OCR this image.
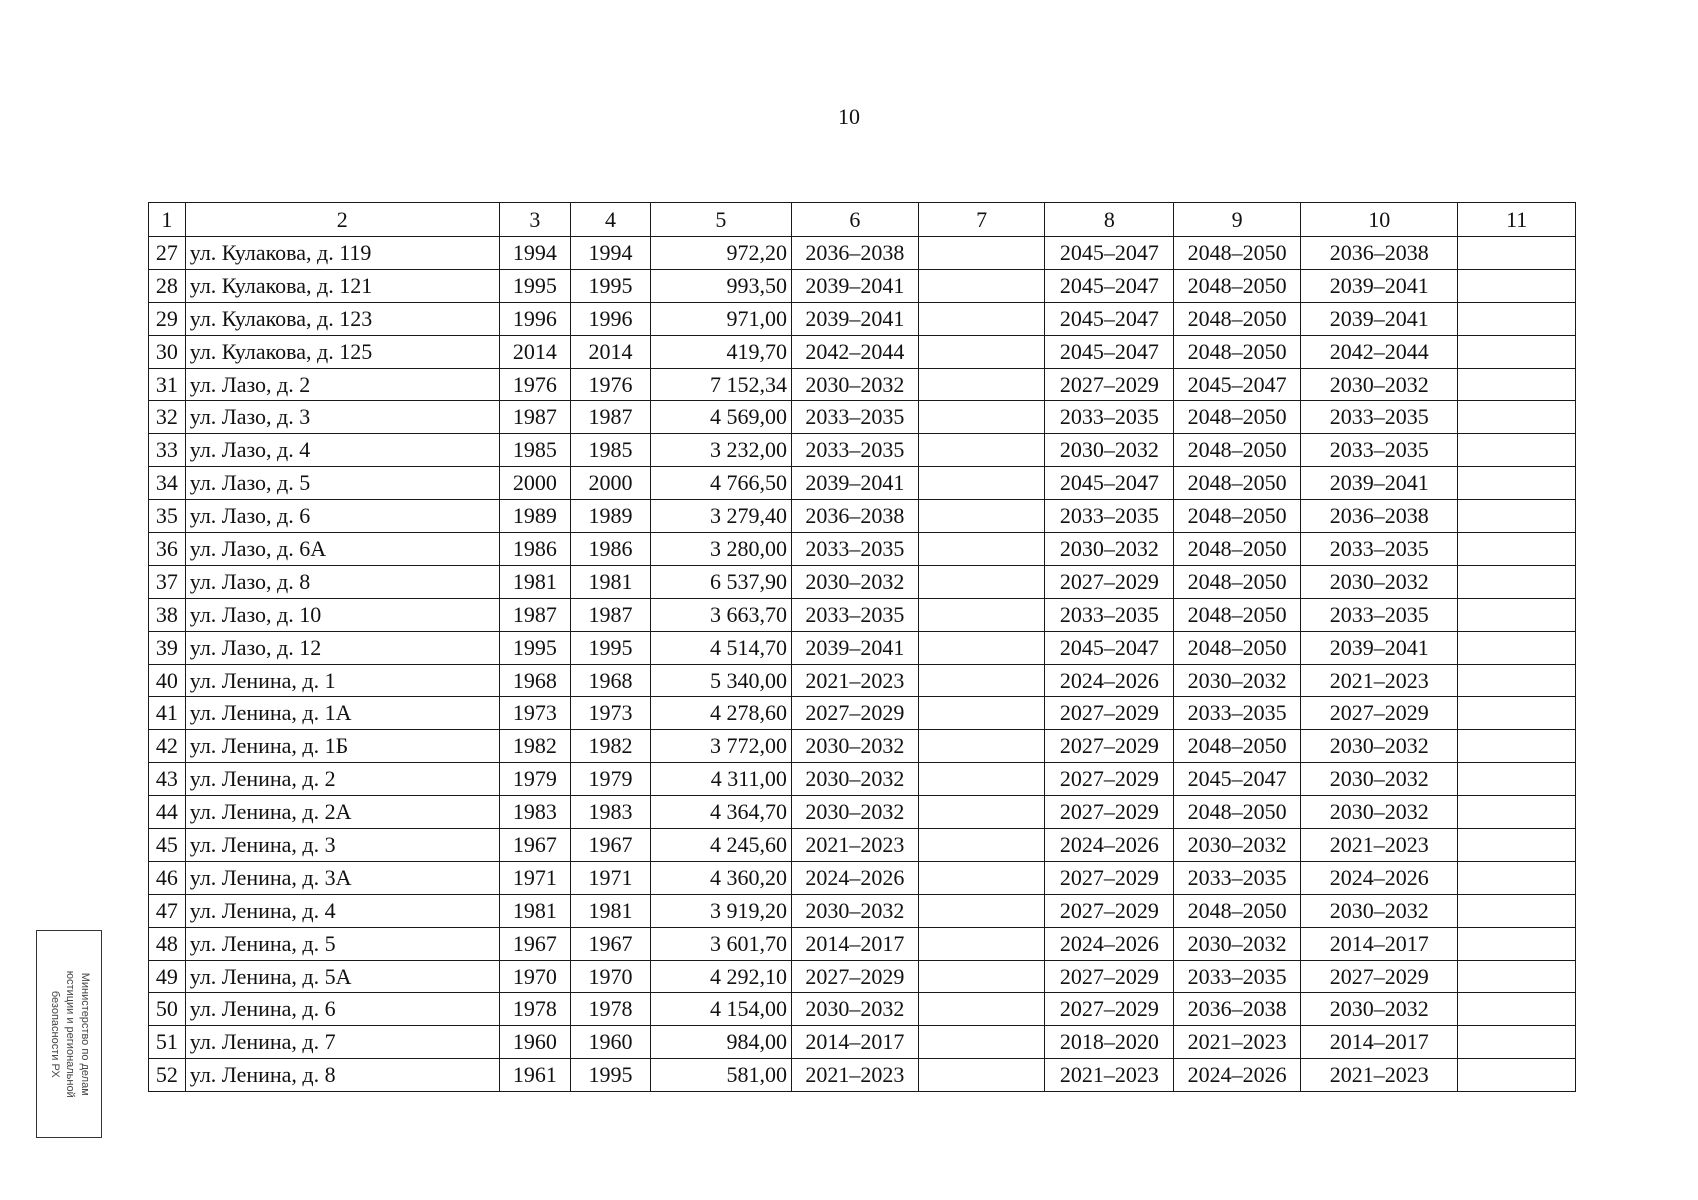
10
1	2	3	4	5	6	7	8	9	10	11
27	ул. Кулакова, д. 119	1994	1994	972,20	2036–2038		2045–2047	2048–2050	2036–2038	
28	ул. Кулакова, д. 121	1995	1995	993,50	2039–2041		2045–2047	2048–2050	2039–2041	
29	ул. Кулакова, д. 123	1996	1996	971,00	2039–2041		2045–2047	2048–2050	2039–2041	
30	ул. Кулакова, д. 125	2014	2014	419,70	2042–2044		2045–2047	2048–2050	2042–2044	
31	ул. Лазо, д. 2	1976	1976	7 152,34	2030–2032		2027–2029	2045–2047	2030–2032	
32	ул. Лазо, д. 3	1987	1987	4 569,00	2033–2035		2033–2035	2048–2050	2033–2035	
33	ул. Лазо, д. 4	1985	1985	3 232,00	2033–2035		2030–2032	2048–2050	2033–2035	
34	ул. Лазо, д. 5	2000	2000	4 766,50	2039–2041		2045–2047	2048–2050	2039–2041	
35	ул. Лазо, д. 6	1989	1989	3 279,40	2036–2038		2033–2035	2048–2050	2036–2038	
36	ул. Лазо, д. 6А	1986	1986	3 280,00	2033–2035		2030–2032	2048–2050	2033–2035	
37	ул. Лазо, д. 8	1981	1981	6 537,90	2030–2032		2027–2029	2048–2050	2030–2032	
38	ул. Лазо, д. 10	1987	1987	3 663,70	2033–2035		2033–2035	2048–2050	2033–2035	
39	ул. Лазо, д. 12	1995	1995	4 514,70	2039–2041		2045–2047	2048–2050	2039–2041	
40	ул. Ленина, д. 1	1968	1968	5 340,00	2021–2023		2024–2026	2030–2032	2021–2023	
41	ул. Ленина, д. 1А	1973	1973	4 278,60	2027–2029		2027–2029	2033–2035	2027–2029	
42	ул. Ленина, д. 1Б	1982	1982	3 772,00	2030–2032		2027–2029	2048–2050	2030–2032	
43	ул. Ленина, д. 2	1979	1979	4 311,00	2030–2032		2027–2029	2045–2047	2030–2032	
44	ул. Ленина, д. 2А	1983	1983	4 364,70	2030–2032		2027–2029	2048–2050	2030–2032	
45	ул. Ленина, д. 3	1967	1967	4 245,60	2021–2023		2024–2026	2030–2032	2021–2023	
46	ул. Ленина, д. 3А	1971	1971	4 360,20	2024–2026		2027–2029	2033–2035	2024–2026	
47	ул. Ленина, д. 4	1981	1981	3 919,20	2030–2032		2027–2029	2048–2050	2030–2032	
48	ул. Ленина, д. 5	1967	1967	3 601,70	2014–2017		2024–2026	2030–2032	2014–2017	
49	ул. Ленина, д. 5А	1970	1970	4 292,10	2027–2029		2027–2029	2033–2035	2027–2029	
50	ул. Ленина, д. 6	1978	1978	4 154,00	2030–2032		2027–2029	2036–2038	2030–2032	
51	ул. Ленина, д. 7	1960	1960	984,00	2014–2017		2018–2020	2021–2023	2014–2017	
52	ул. Ленина, д. 8	1961	1995	581,00	2021–2023		2021–2023	2024–2026	2021–2023	
Министерство по делам
юстиции и региональной
безопасности РХ
